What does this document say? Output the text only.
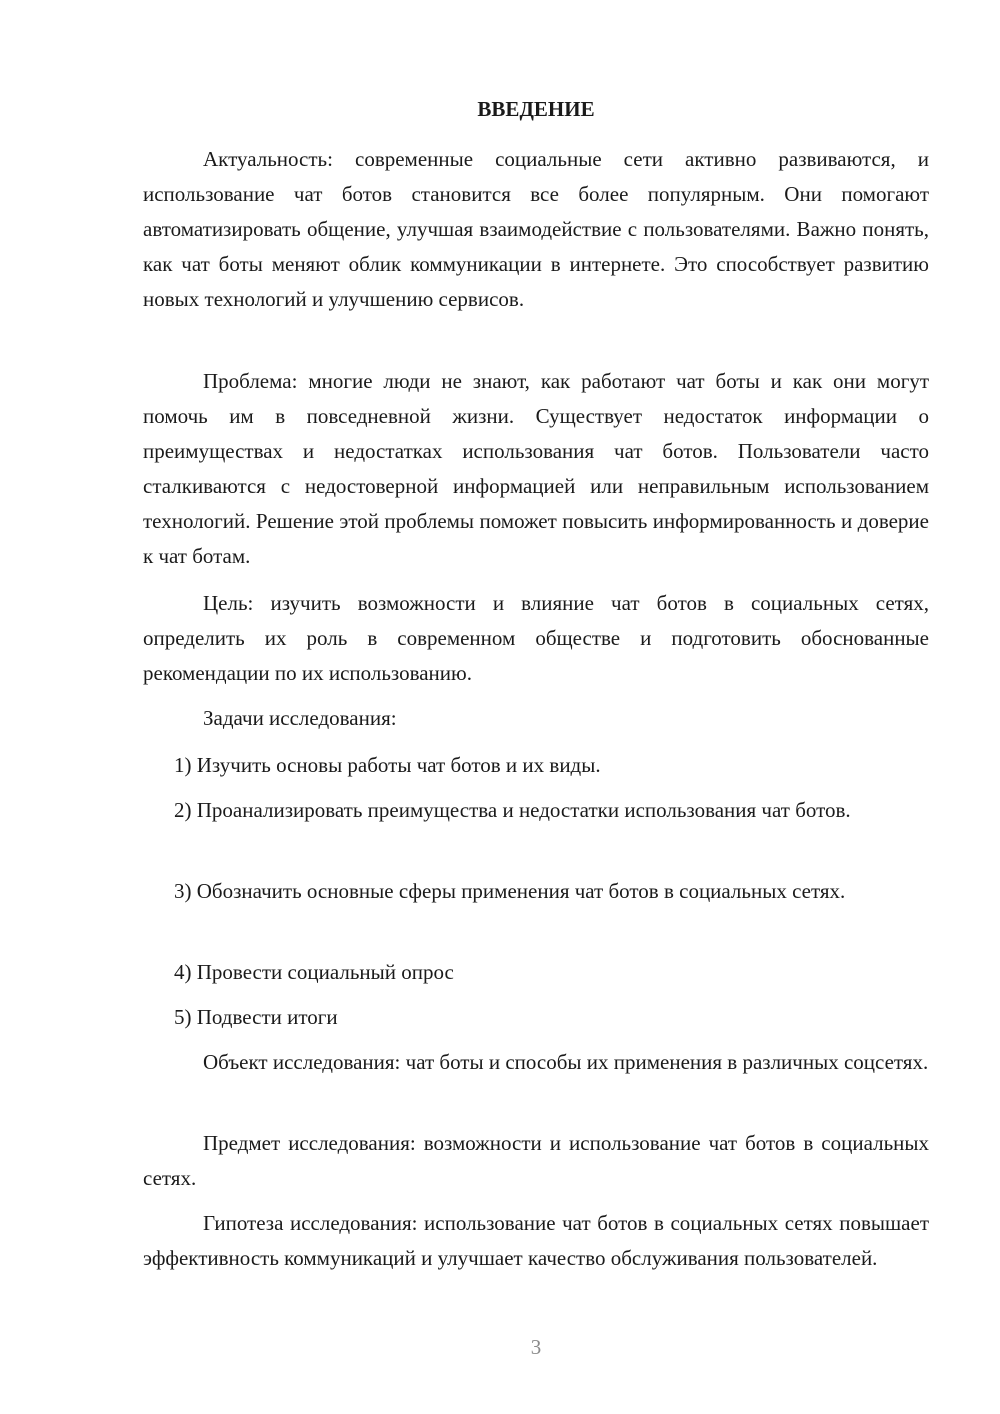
ВВЕДЕНИЕ

Актуальность: современные социальные сети активно развиваются, и использование чат ботов становится все более популярным. Они помогают автоматизировать общение, улучшая взаимодействие с пользователями. Важно понять, как чат боты меняют облик коммуникации в интернете. Это способствует развитию новых технологий и улучшению сервисов.

Проблема: многие люди не знают, как работают чат боты и как они могут помочь им в повседневной жизни. Существует недостаток информации о преимуществах и недостатках использования чат ботов. Пользователи часто сталкиваются с недостоверной информацией или неправильным использованием технологий. Решение этой проблемы поможет повысить информированность и доверие к чат ботам.

Цель: изучить возможности и влияние чат ботов в социальных сетях, определить их роль в современном обществе и подготовить обоснованные рекомендации по их использованию.

Задачи исследования:

1) Изучить основы работы чат ботов и их виды.

2) Проанализировать преимущества и недостатки использования чат ботов.

3) Обозначить основные сферы применения чат ботов в социальных сетях.

4) Провести социальный опрос

5) Подвести итоги

Объект исследования: чат боты и способы их применения в различных соцсетях.

Предмет исследования: возможности и использование чат ботов в социальных сетях.

Гипотеза исследования: использование чат ботов в социальных сетях повышает эффективность коммуникаций и улучшает качество обслуживания пользователей.

3
